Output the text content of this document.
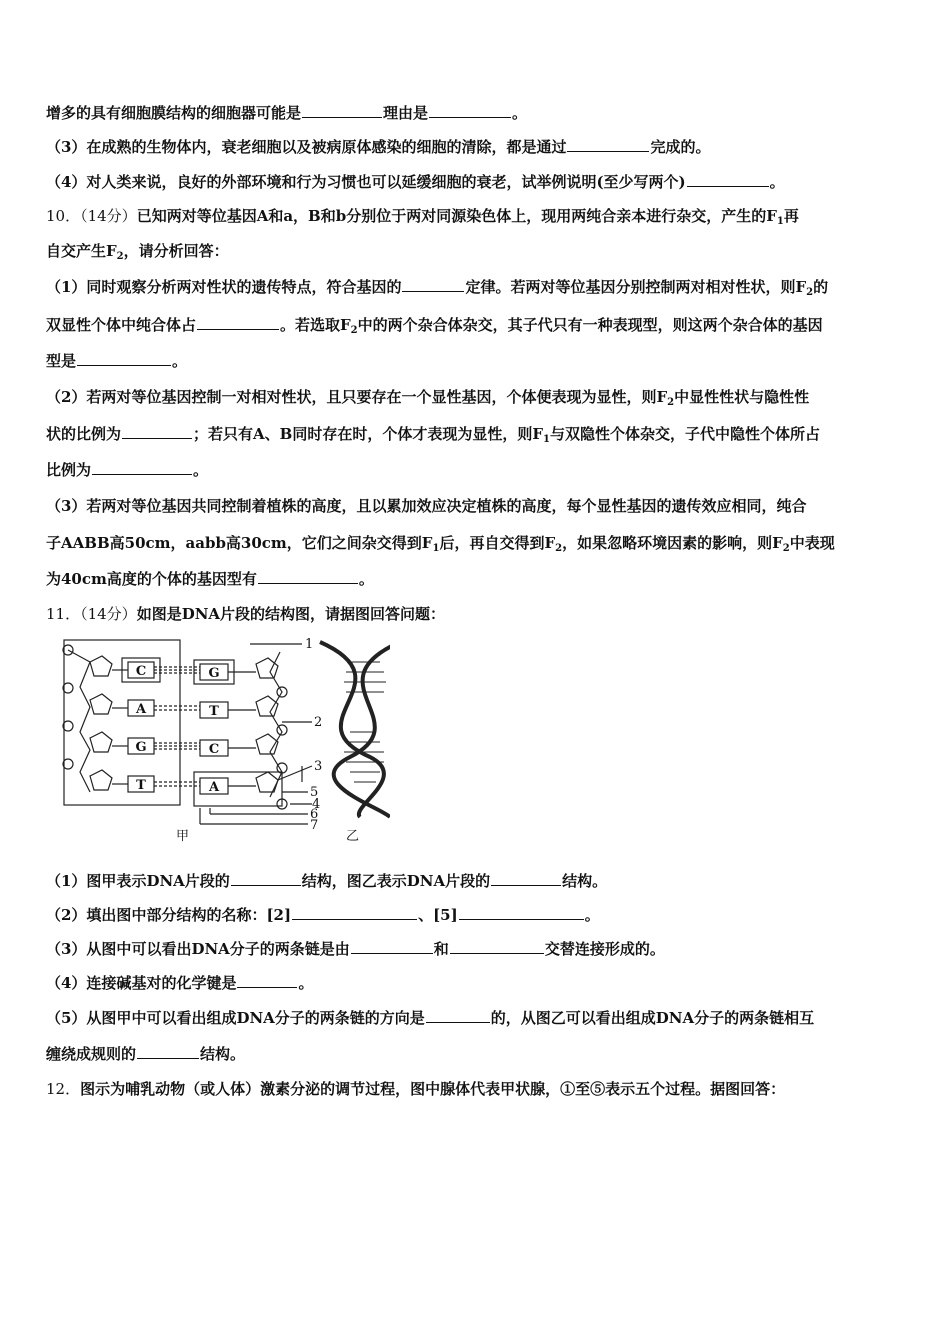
增多的具有细胞膜结构的细胞器可能是	理由是	。
（3）在成熟的生物体内，衰老细胞以及被病原体感染的细胞的清除，都是通过	完成的。
（4）对人类来说，良好的外部环境和行为习惯也可以延缓细胞的衰老，试举例说明(至少写两个)	。
10．（14分）已知两对等位基因A和a，B和b分别位于两对同源染色体上，现用两纯合亲本进行杂交，产生的$F_1$再
自交产生$F_2$，请分析回答：
（1）同时观察分析两对性状的遗传特点，符合基因的	定律。若两对等位基因分别控制两对相对性状，则$F_2$的
双显性个体中纯合体占	。若选取$F_2$中的两个杂合体杂交，其子代只有一种表现型，则这两个杂合体的基因
型是	。
（2）若两对等位基因控制一对相对性状，且只要存在一个显性基因，个体便表现为显性，则$F_2$中显性性状与隐性性
状的比例为	；若只有A、B同时存在时，个体才表现为显性，则$F_1$与双隐性个体杂交，子代中隐性个体所占
比例为	。
（3）若两对等位基因共同控制着植株的高度，且以累加效应决定植株的高度，每个显性基因的遗传效应相同，纯合
子AABB高50cm，aabb高30cm，它们之间杂交得到$F_1$后，再自交得到$F_2$，如果忽略环境因素的影响，则$F_2$中表现
为40cm高度的个体的基因型有	。
11．（14分）如图是DNA片段的结构图，请据图回答问题：
C
A
G
T
G
T
C
A
1
2
3
5
4
6
7
甲	乙
（1）图甲表示DNA片段的	结构，图乙表示DNA片段的	结构。
（2）填出图中部分结构的名称：[2]	、[5]	。
（3）从图中可以看出DNA分子的两条链是由	和	交替连接形成的。
（4）连接碱基对的化学键是	。
（5）从图甲中可以看出组成DNA分子的两条链的方向是	的，从图乙可以看出组成DNA分子的两条链相互
缠绕成规则的	结构。
12．图示为哺乳动物（或人体）激素分泌的调节过程，图中腺体代表甲状腺，①至⑤表示五个过程。据图回答：
